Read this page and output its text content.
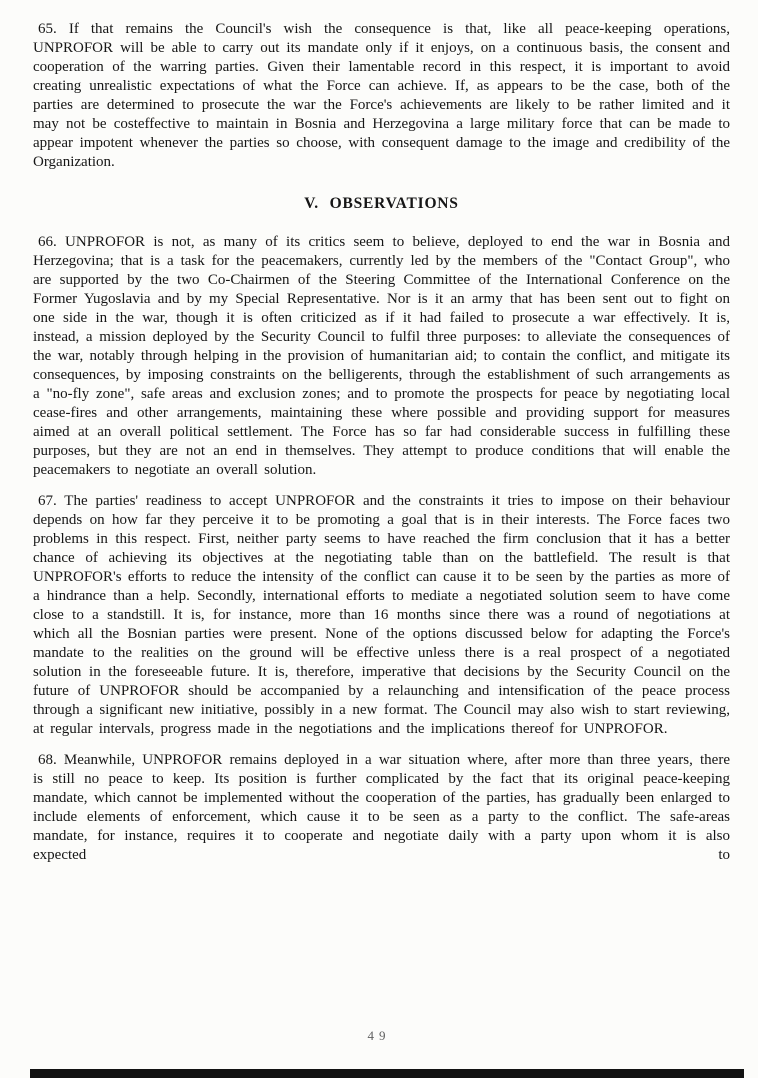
65. If that remains the Council's wish the consequence is that, like all peace-keeping operations, UNPROFOR will be able to carry out its mandate only if it enjoys, on a continuous basis, the consent and cooperation of the warring parties. Given their lamentable record in this respect, it is important to avoid creating unrealistic expectations of what the Force can achieve. If, as appears to be the case, both of the parties are determined to prosecute the war the Force's achievements are likely to be rather limited and it may not be costeffective to maintain in Bosnia and Herzegovina a large military force that can be made to appear impotent whenever the parties so choose, with consequent damage to the image and credibility of the Organization.

V. OBSERVATIONS

66. UNPROFOR is not, as many of its critics seem to believe, deployed to end the war in Bosnia and Herzegovina; that is a task for the peacemakers, currently led by the members of the "Contact Group", who are supported by the two Co-Chairmen of the Steering Committee of the International Conference on the Former Yugoslavia and by my Special Representative. Nor is it an army that has been sent out to fight on one side in the war, though it is often criticized as if it had failed to prosecute a war effectively. It is, instead, a mission deployed by the Security Council to fulfil three purposes: to alleviate the consequences of the war, notably through helping in the provision of humanitarian aid; to contain the conflict, and mitigate its consequences, by imposing constraints on the belligerents, through the establishment of such arrangements as a "no-fly zone", safe areas and exclusion zones; and to promote the prospects for peace by negotiating local cease-fires and other arrangements, maintaining these where possible and providing support for measures aimed at an overall political settlement. The Force has so far had considerable success in fulfilling these purposes, but they are not an end in themselves. They attempt to produce conditions that will enable the peacemakers to negotiate an overall solution.

67. The parties' readiness to accept UNPROFOR and the constraints it tries to impose on their behaviour depends on how far they perceive it to be promoting a goal that is in their interests. The Force faces two problems in this respect. First, neither party seems to have reached the firm conclusion that it has a better chance of achieving its objectives at the negotiating table than on the battlefield. The result is that UNPROFOR's efforts to reduce the intensity of the conflict can cause it to be seen by the parties as more of a hindrance than a help. Secondly, international efforts to mediate a negotiated solution seem to have come close to a standstill. It is, for instance, more than 16 months since there was a round of negotiations at which all the Bosnian parties were present. None of the options discussed below for adapting the Force's mandate to the realities on the ground will be effective unless there is a real prospect of a negotiated solution in the foreseeable future. It is, therefore, imperative that decisions by the Security Council on the future of UNPROFOR should be accompanied by a relaunching and intensification of the peace process through a significant new initiative, possibly in a new format. The Council may also wish to start reviewing, at regular intervals, progress made in the negotiations and the implications thereof for UNPROFOR.

68. Meanwhile, UNPROFOR remains deployed in a war situation where, after more than three years, there is still no peace to keep. Its position is further complicated by the fact that its original peace-keeping mandate, which cannot be implemented without the cooperation of the parties, has gradually been enlarged to include elements of enforcement, which cause it to be seen as a party to the conflict. The safe-areas mandate, for instance, requires it to cooperate and negotiate daily with a party upon whom it is also expected to

49
